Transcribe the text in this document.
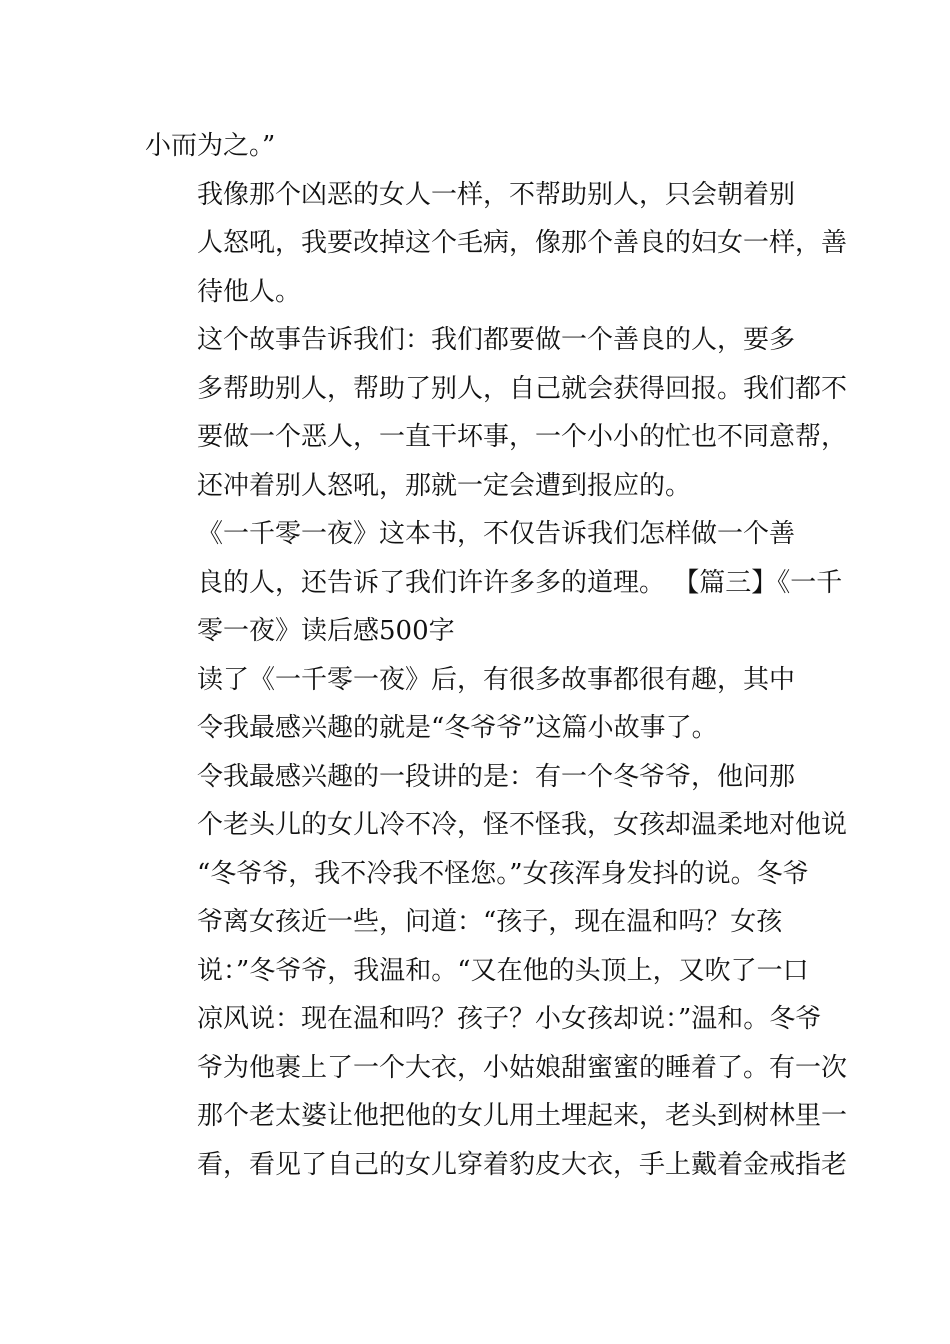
小而为之。”

我像那个凶恶的女人一样，不帮助别人，只会朝着别
人怒吼，我要改掉这个毛病，像那个善良的妇女一样，善
待他人。

这个故事告诉我们：我们都要做一个善良的人，要多
多帮助别人，帮助了别人，自己就会获得回报。我们都不
要做一个恶人，一直干坏事，一个小小的忙也不同意帮，
还冲着别人怒吼，那就一定会遭到报应的。

《一千零一夜》这本书，不仅告诉我们怎样做一个善
良的人，还告诉了我们许许多多的道理。 【篇三】《一千
零一夜》读后感500字

读了《一千零一夜》后，有很多故事都很有趣，其中
令我最感兴趣的就是“冬爷爷”这篇小故事了。

令我最感兴趣的一段讲的是：有一个冬爷爷，他问那
个老头儿的女儿冷不冷，怪不怪我，女孩却温柔地对他说
“冬爷爷，我不冷我不怪您。”女孩浑身发抖的说。冬爷
爷离女孩近一些，问道：“孩子，现在温和吗？女孩
说：”冬爷爷，我温和。“又在他的头顶上，又吹了一口
凉风说：现在温和吗？孩子？小女孩却说：”温和。冬爷
爷为他裹上了一个大衣，小姑娘甜蜜蜜的睡着了。有一次
那个老太婆让他把他的女儿用土埋起来，老头到树林里一
看，看见了自己的女儿穿着豹皮大衣，手上戴着金戒指老
